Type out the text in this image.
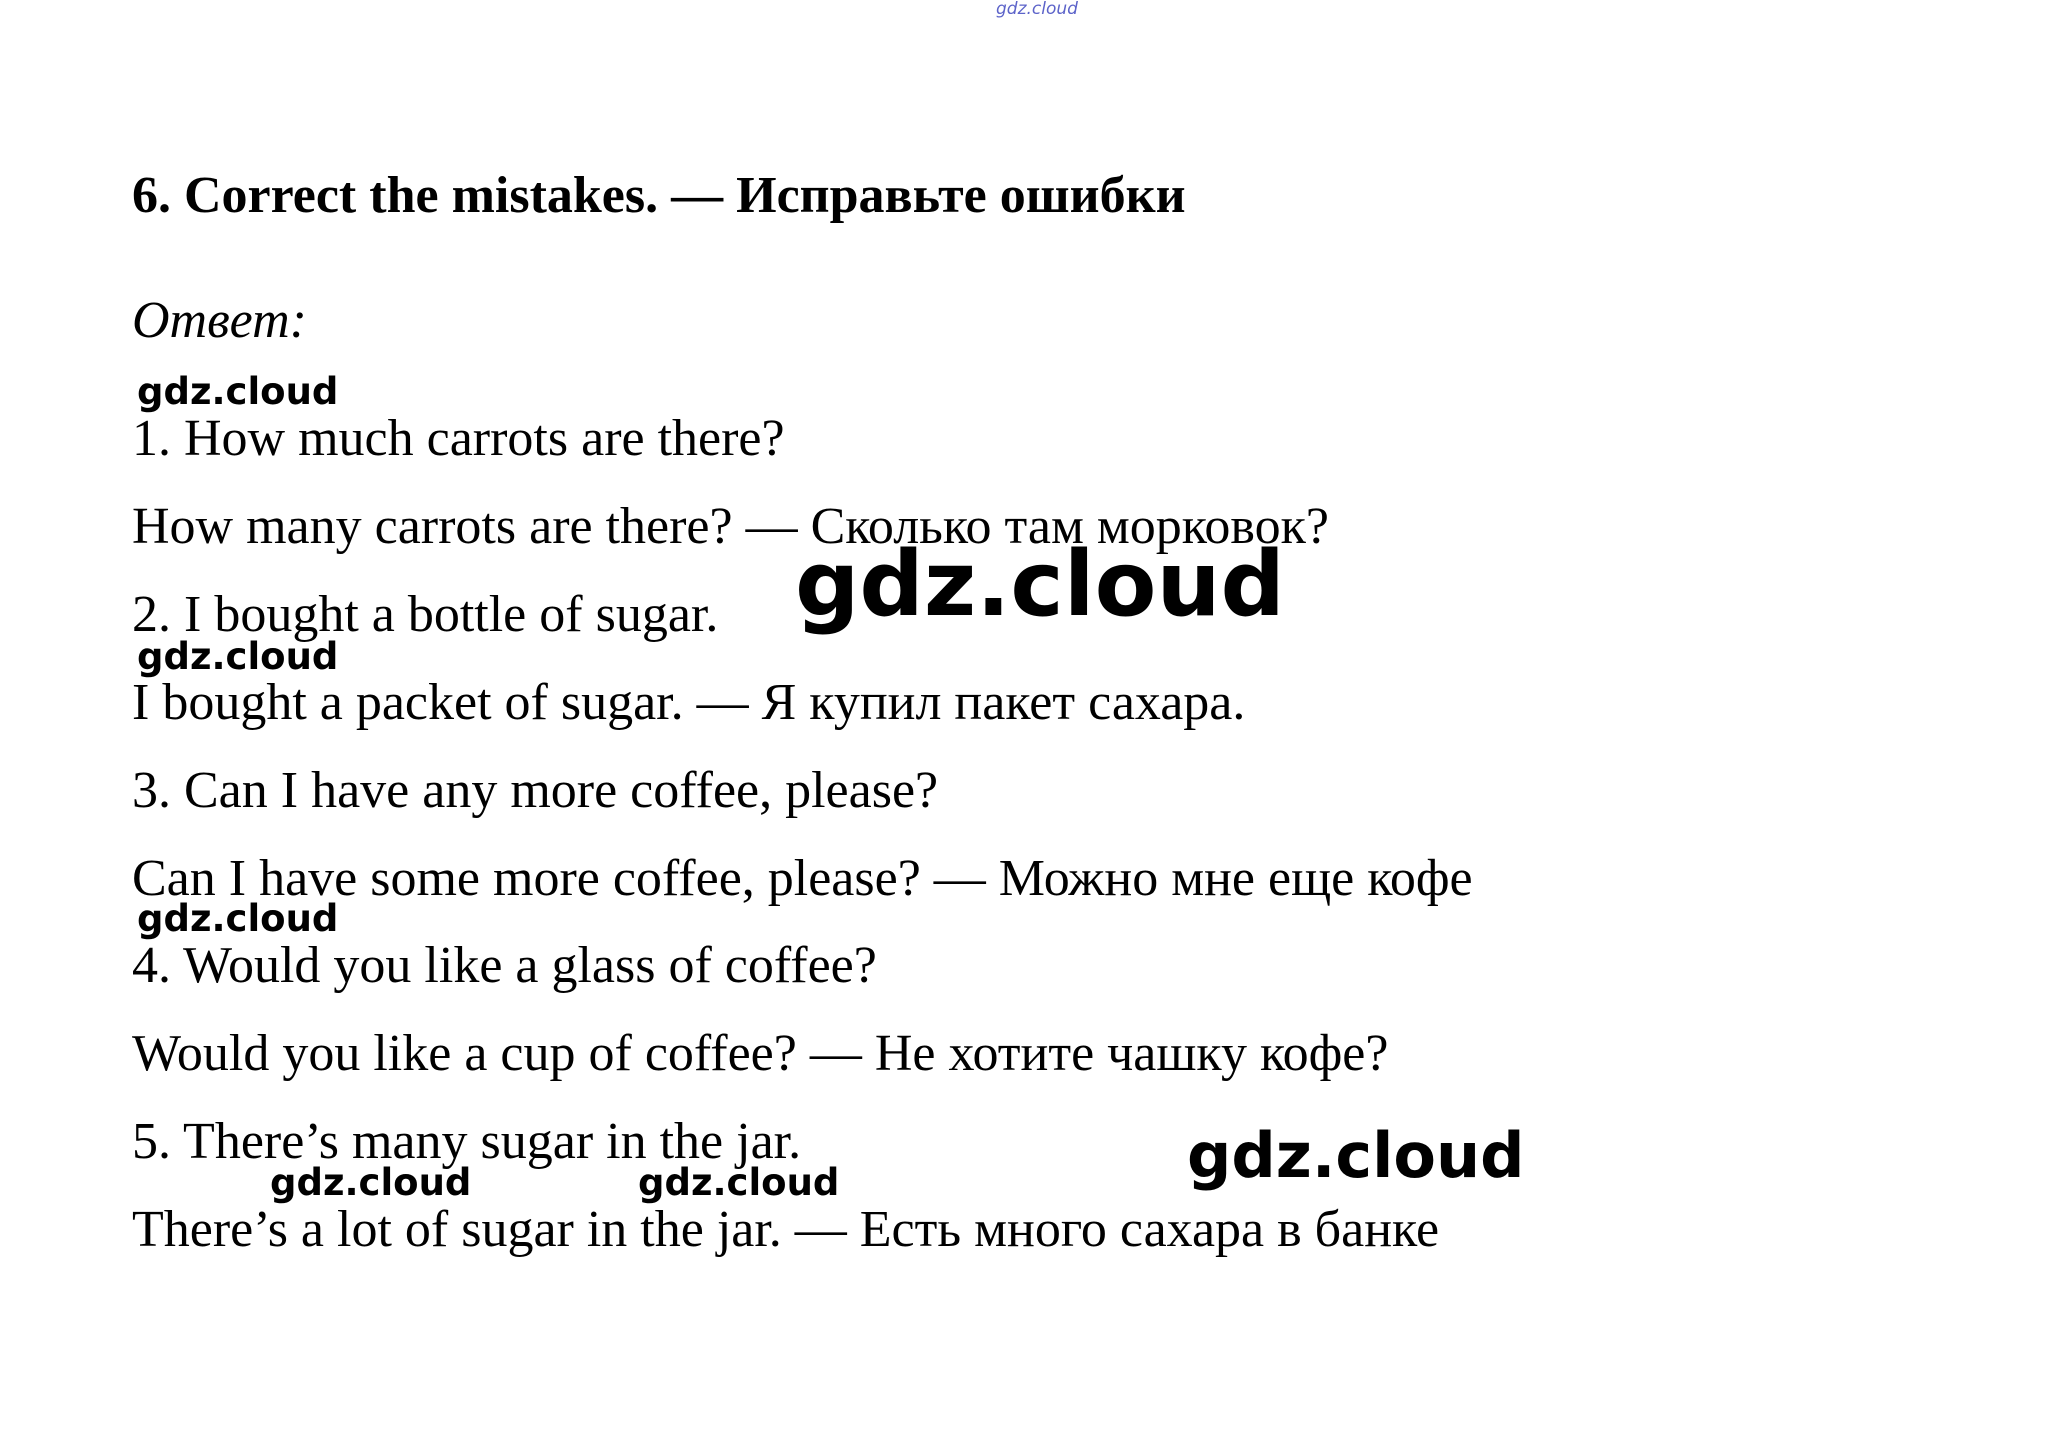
gdz.cloud
6. Correct the mistakes. — Исправьте ошибки
Ответ:
gdz.cloud
1. How much carrots are there?
How many carrots are there? — Сколько там морковок?
2. I bought a bottle of sugar. gdz.cloud
gdz.cloud
I bought a packet of sugar. — Я купил пакет сахара.
3. Can I have any more coffee, please?
Can I have some more coffee, please? — Можно мне еще кофе
gdz.cloud
4. Would you like a glass of coffee?
Would you like a cup of coffee? — Не хотите чашку кофе?
5. There’s many sugar in the jar.	gdz.cloud
gdz.cloud	gdz.cloud
There’s a lot of sugar in the jar. — Есть много сахара в банке
